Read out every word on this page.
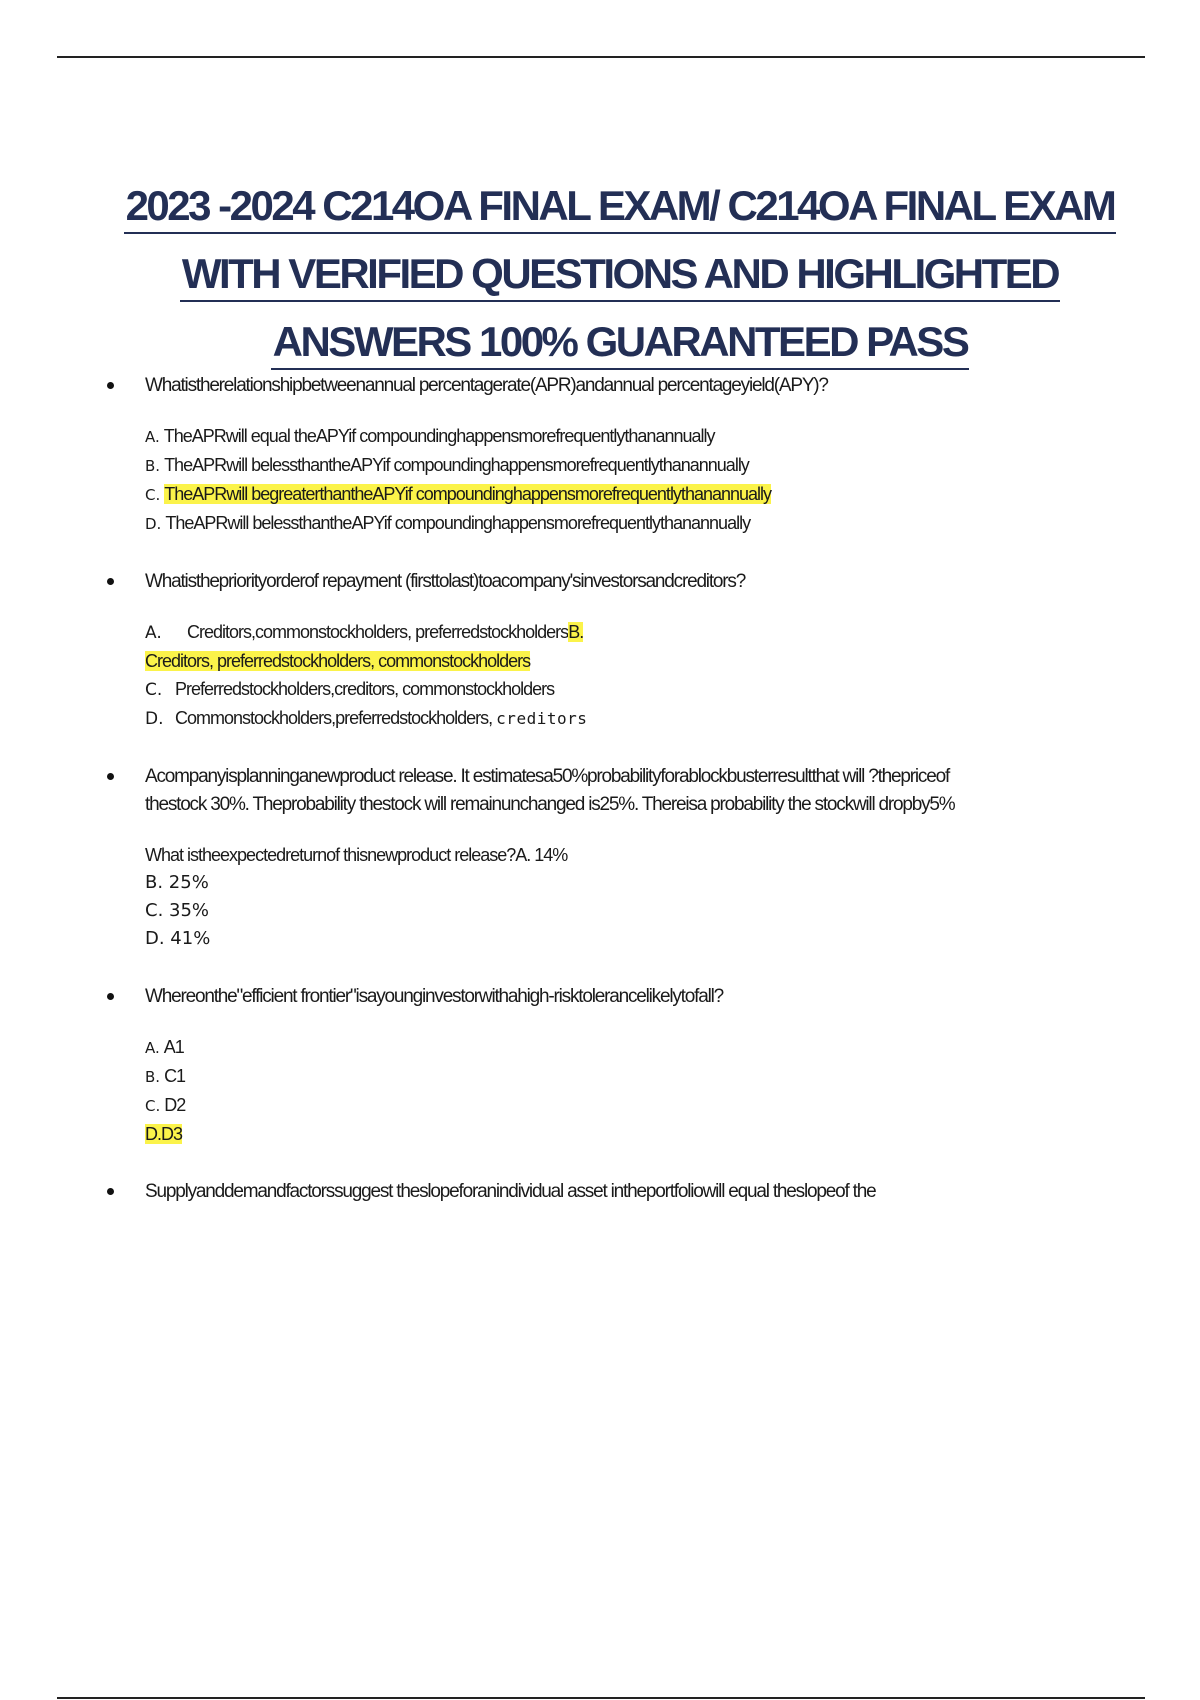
2023 -2024 C214OA FINAL EXAM/ C214OA FINAL EXAM
WITH VERIFIED QUESTIONS AND HIGHLIGHTED
ANSWERS 100% GUARANTEED PASS
Whatistherelationshipbetweenannual percentagerate(APR)andannual percentageyield(APY)?
A. TheAPRwill equal theAPYif compoundinghappensmorefrequentlythanannually
B. TheAPRwill belessthantheAPYif compoundinghappensmorefrequentlythanannually
C. TheAPRwill begreaterthantheAPYif compoundinghappensmorefrequentlythanannually
D. TheAPRwill belessthantheAPYif compoundinghappensmorefrequentlythanannually
Whatisthepriorityorderof repayment (firsttolast)toacompany'sinvestorsandcreditors?
A. Creditors,commonstockholders, preferredstockholdersB.
Creditors, preferredstockholders, commonstockholders
C. Preferredstockholders,creditors, commonstockholders
D. Commonstockholders,preferredstockholders, creditors
Acompanyisplanninganewproduct release. It estimatesa50%probabilityforablockbusterresultthat will ?thepriceof
thestock 30%. Theprobability thestock will remainunchanged is25%. Thereisa probability the stockwill dropby5%
What istheexpectedreturnof thisnewproduct release?A. 14%
B. 25%
C. 35%
D. 41%
Whereonthe"efficient frontier"isayounginvestorwithahigh-risktolerancelikelytofall?
A. A1
B. C1
C. D2
D.D3
Supplyanddemandfactorssuggest theslopeforanindividual asset intheportfoliowill equal theslopeof the
